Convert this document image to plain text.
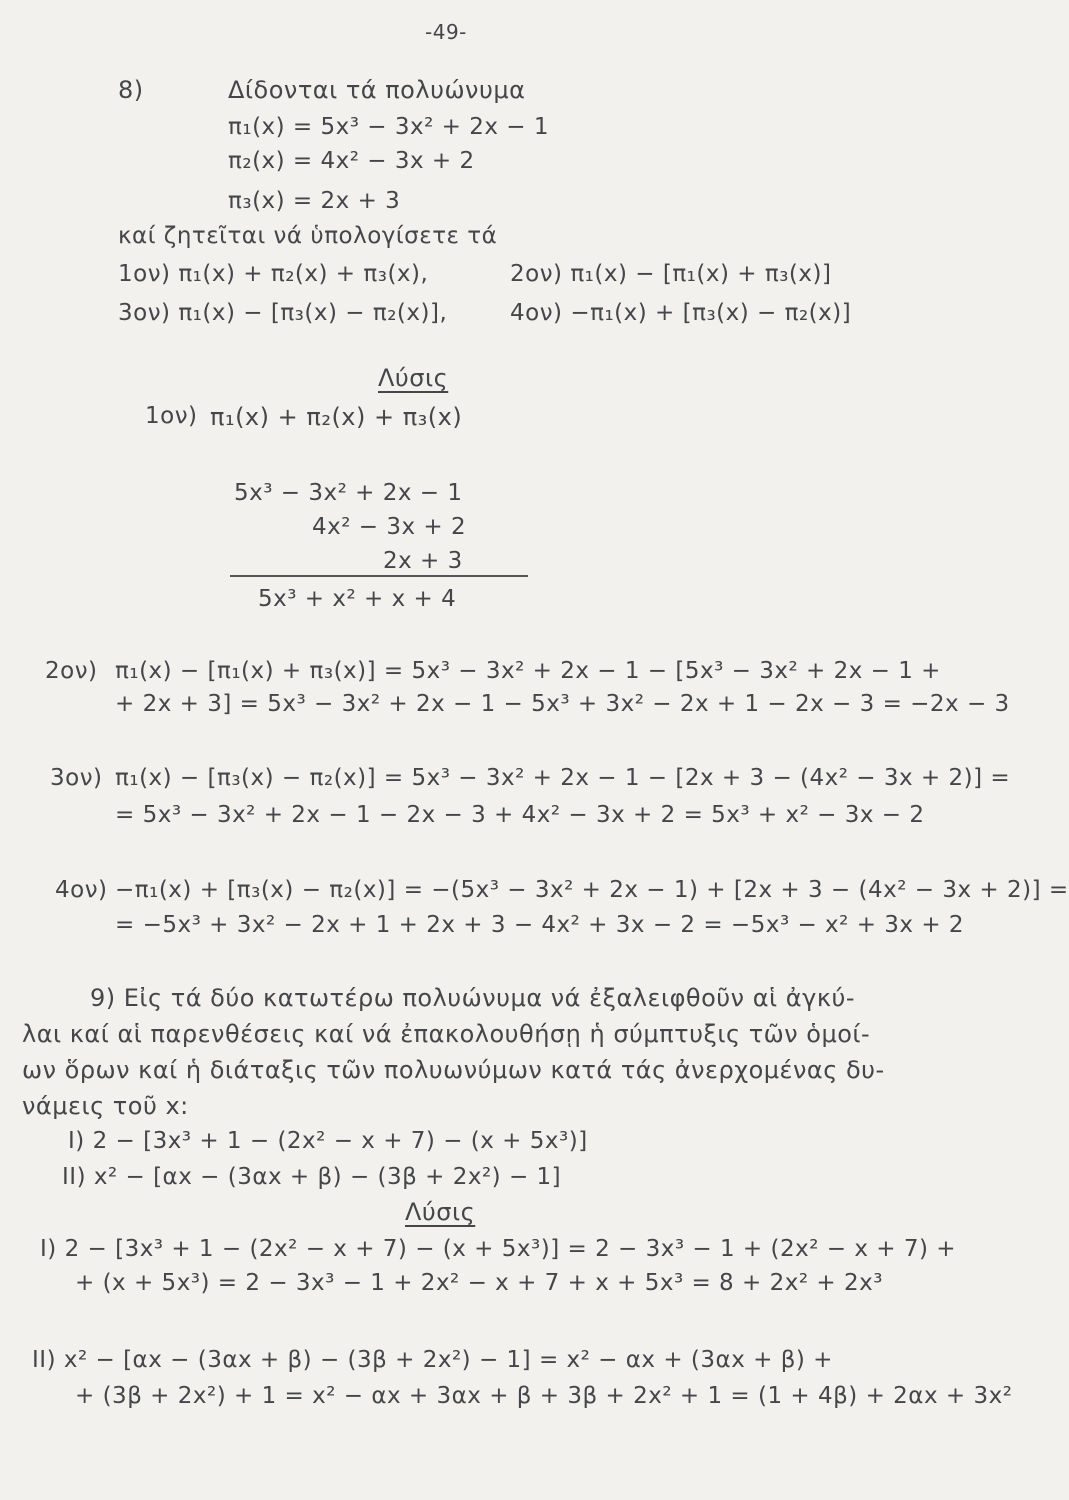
-49-
8)	Δίδονται τά πολυώνυμα
π₁(x) = 5x³ − 3x² + 2x − 1
π₂(x) = 4x² − 3x + 2
π₃(x) = 2x + 3
καί ζητεῖται νά ὑπολογίσετε τά
1ον) π₁(x) + π₂(x) + π₃(x),	2ον) π₁(x) − [π₁(x) + π₃(x)]
3ον) π₁(x) − [π₃(x) − π₂(x)],	4ον) −π₁(x) + [π₃(x) − π₂(x)]
Λύσις
1ον) π₁(x) + π₂(x) + π₃(x)
5x³ − 3x² + 2x − 1
4x² − 3x + 2
2x + 3
5x³ + x² + x + 4
2ον) π₁(x) − [π₁(x) + π₃(x)] = 5x³ − 3x² + 2x − 1 − [5x³ − 3x² + 2x − 1 +
+ 2x + 3] = 5x³ − 3x² + 2x − 1 − 5x³ + 3x² − 2x + 1 − 2x − 3 = −2x − 3
3ον) π₁(x) − [π₃(x) − π₂(x)] = 5x³ − 3x² + 2x − 1 − [2x + 3 − (4x² − 3x + 2)] =
= 5x³ − 3x² + 2x − 1 − 2x − 3 + 4x² − 3x + 2 = 5x³ + x² − 3x − 2
4ον) −π₁(x) + [π₃(x) − π₂(x)] = −(5x³ − 3x² + 2x − 1) + [2x + 3 − (4x² − 3x + 2)] =
= −5x³ + 3x² − 2x + 1 + 2x + 3 − 4x² + 3x − 2 = −5x³ − x² + 3x + 2
9) Εἰς τά δύο κατωτέρω πολυώνυμα νά ἐξαλειφθοῦν αἱ ἀγκύ-
λαι καί αἱ παρενθέσεις καί νά ἐπακολουθήσῃ ἡ σύμπτυξις τῶν ὁμοί-
ων ὅρων καί ἡ διάταξις τῶν πολυωνύμων κατά τάς ἀνερχομένας δυ-
νάμεις τοῦ x:
I) 2 − [3x³ + 1 − (2x² − x + 7) − (x + 5x³)]
II) x² − [αx − (3αx + β) − (3β + 2x²) − 1]
Λύσις
I) 2 − [3x³ + 1 − (2x² − x + 7) − (x + 5x³)] = 2 − 3x³ − 1 + (2x² − x + 7) +
+ (x + 5x³) = 2 − 3x³ − 1 + 2x² − x + 7 + x + 5x³ = 8 + 2x² + 2x³
II) x² − [αx − (3αx + β) − (3β + 2x²) − 1] = x² − αx + (3αx + β) +
+ (3β + 2x²) + 1 = x² − αx + 3αx + β + 3β + 2x² + 1 = (1 + 4β) + 2αx + 3x²
